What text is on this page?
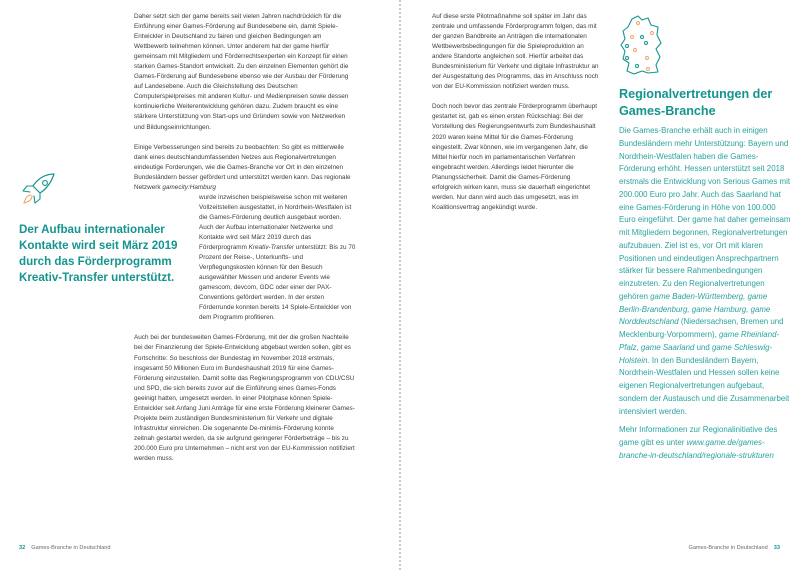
Daher setzt sich der game bereits seit vielen Jahren nachdrücklich für die Einführung einer Games-Förderung auf Bundesebene ein, damit Spiele-Entwickler in Deutschland zu fairen und gleichen Bedingungen am Wettbewerb teilnehmen können. Unter anderem hat der game hierfür gemeinsam mit Mitgliedern und Förderrechtsexperten ein Konzept für einen starken Games-Standort entwickelt. Zu den einzelnen Elementen gehört die Games-Förderung auf Bundesebene ebenso wie der Ausbau der Förderung auf Landesebene. Auch die Gleichstellung des Deutschen Computerspielpreises mit anderen Kultur- und Medienpreisen sowie dessen kontinuierliche Weiterentwicklung gehören dazu. Zudem braucht es eine stärkere Unterstützung von Start-ups und Gründern sowie von Netzwerken und Bildungseinrichtungen.

Einige Verbesserungen sind bereits zu beobachten: So gibt es mittlerweile dank eines deutschlandumfassenden Netzes aus Regionalvertretungen eindeutige Forderungen, wie die Games-Branche vor Ort in den einzelnen Bundesländern besser gefördert und unterstützt werden kann. Das regionale Netzwerk gamecity:Hamburg
wurde inzwischen beispielsweise schon mit weiteren Vollzeitstellen ausgestattet, in Nordrhein-Westfalen ist die Games-Förderung deutlich ausgebaut worden. Auch der Aufbau internationaler Netzwerke und Kontakte wird seit März 2019 durch das Förderprogramm Kreativ-Transfer unterstützt: Bis zu 70 Prozent der Reise-, Unterkunfts- und Verpflegungskosten können für den Besuch ausgewählter Messen und anderer Events wie gamescom, devcom, GDC oder einer der PAX-Conventions gefördert werden. In der ersten Förderrunde konnten bereits 14 Spiele-Entwickler von dem Programm profitieren.

Auch bei der bundesweiten Games-Förderung, mit der die großen Nachteile bei der Finanzierung der Spiele-Entwicklung abgebaut werden sollen, gibt es Fortschritte: So beschloss der Bundestag im November 2018 erstmals, insgesamt 50 Millionen Euro im Bundeshaushalt 2019 für eine Games-Förderung einzustellen. Damit sollte das Regierungsprogramm von CDU/CSU und SPD, die sich bereits zuvor auf die Einführung eines Games-Fonds geeinigt hatten, umgesetzt werden. In einer Pilotphase können Spiele-Entwickler seit Anfang Juni Anträge für eine erste Förderung kleinerer Games-Projekte beim zuständigen Bundesministerium für Verkehr und digitale Infrastruktur einreichen. Die sogenannte De-minimis-Förderung konnte zeitnah gestartet werden, da sie aufgrund geringerer Förderbeträge – bis zu 200.000 Euro pro Unternehmen – nicht erst von der EU-Kommission notifiziert werden muss.

Der Aufbau internationaler Kontakte wird seit März 2019 durch das Förderprogramm Kreativ-Transfer unterstützt.
32 Games-Branche in Deutschland

Auf diese erste Pilotmaßnahme soll später im Jahr das zentrale und umfassende Förderprogramm folgen, das mit der ganzen Bandbreite an Anträgen die internationalen Wettbewerbsbedingungen für die Spieleproduktion an andere Standorte angleichen soll. Hierfür arbeitet das Bundesministerium für Verkehr und digitale Infrastruktur an der Ausgestaltung des Programms, das im Anschluss noch von der EU-Kommission notifiziert werden muss.

Doch noch bevor das zentrale Förderprogramm überhaupt gestartet ist, gab es einen ersten Rückschlag: Bei der Vorstellung des Regierungsentwurfs zum Bundeshaushalt 2020 waren keine Mittel für die Games-Förderung eingestellt. Zwar können, wie im vergangenen Jahr, die Mittel hierfür noch im parlamentarischen Verfahren eingebracht werden. Allerdings leidet hierunter die Planungssicherheit. Damit die Games-Förderung erfolgreich wirken kann, muss sie dauerhaft eingerichtet werden. Nur dann wird auch das umgesetzt, was im Koalitionsvertrag angekündigt wurde.

Regionalvertretungen der Games-Branche

Die Games-Branche erhält auch in einigen Bundesländern mehr Unterstützung: Bayern und Nordrhein-Westfalen haben die Games-Förderung erhöht. Hessen unterstützt seit 2018 erstmals die Entwicklung von Serious Games mit 200.000 Euro pro Jahr. Auch das Saarland hat eine Games-Förderung in Höhe von 100.000 Euro eingeführt. Der game hat daher gemeinsam mit Mitgliedern begonnen, Regionalvertretungen aufzubauen. Ziel ist es, vor Ort mit klaren Positionen und eindeutigen Ansprechpartnern stärker für bessere Rahmenbedingungen einzutreten. Zu den Regionalvertretungen gehören game Baden-Württemberg, game Berlin-Brandenburg, game Hamburg, game Norddeutschland (Niedersachsen, Bremen und Mecklenburg-Vorpommern), game Rheinland-Pfalz, game Saarland und game Schleswig-Holstein. In den Bundesländern Bayern, Nordrhein-Westfalen und Hessen sollen keine eigenen Regionalvertretungen aufgebaut, sondern der Austausch und die Zusammenarbeit intensiviert werden.

Mehr Informationen zur Regionalinitiative des game gibt es unter www.game.de/games-branche-in-deutschland/regionale-strukturen

Games-Branche in Deutschland 33
